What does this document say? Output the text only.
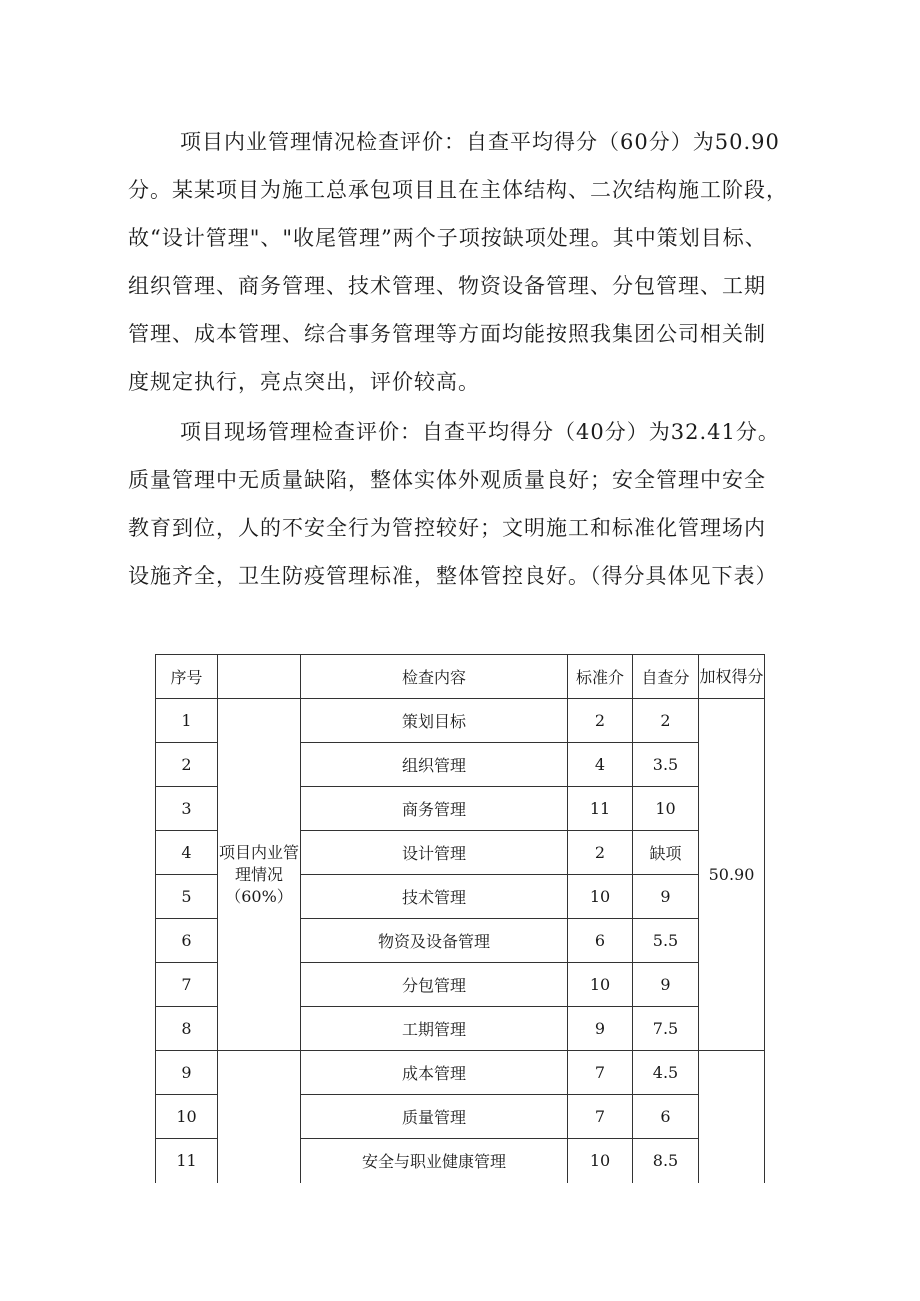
项目内业管理情况检查评价：自查平均得分（60分）为50.90
分。某某项目为施工总承包项目且在主体结构、二次结构施工阶段，
故“设计管理"、"收尾管理”两个子项按缺项处理。其中策划目标、
组织管理、商务管理、技术管理、物资设备管理、分包管理、工期
管理、成本管理、综合事务管理等方面均能按照我集团公司相关制
度规定执行，亮点突出，评价较高。
项目现场管理检查评价：自查平均得分（40分）为32.41分。
质量管理中无质量缺陷，整体实体外观质量良好；安全管理中安全
教育到位，人的不安全行为管控较好；文明施工和标准化管理场内
设施齐全，卫生防疫管理标准，整体管控良好。（得分具体见下表）
序号		检查内容	标准介	自查分	加权得分
1	项目内业管理情况（60%）	策划目标	2	2	50.90
2		组织管理	4	3.5	
3		商务管理	11	10	
4		设计管理	2	缺项	
5		技术管理	10	9	
6		物资及设备管理	6	5.5	
7		分包管理	10	9	
8		工期管理	9	7.5	
9		成本管理	7	4.5	
10		质量管理	7	6	
11		安全与职业健康管理	10	8.5	
